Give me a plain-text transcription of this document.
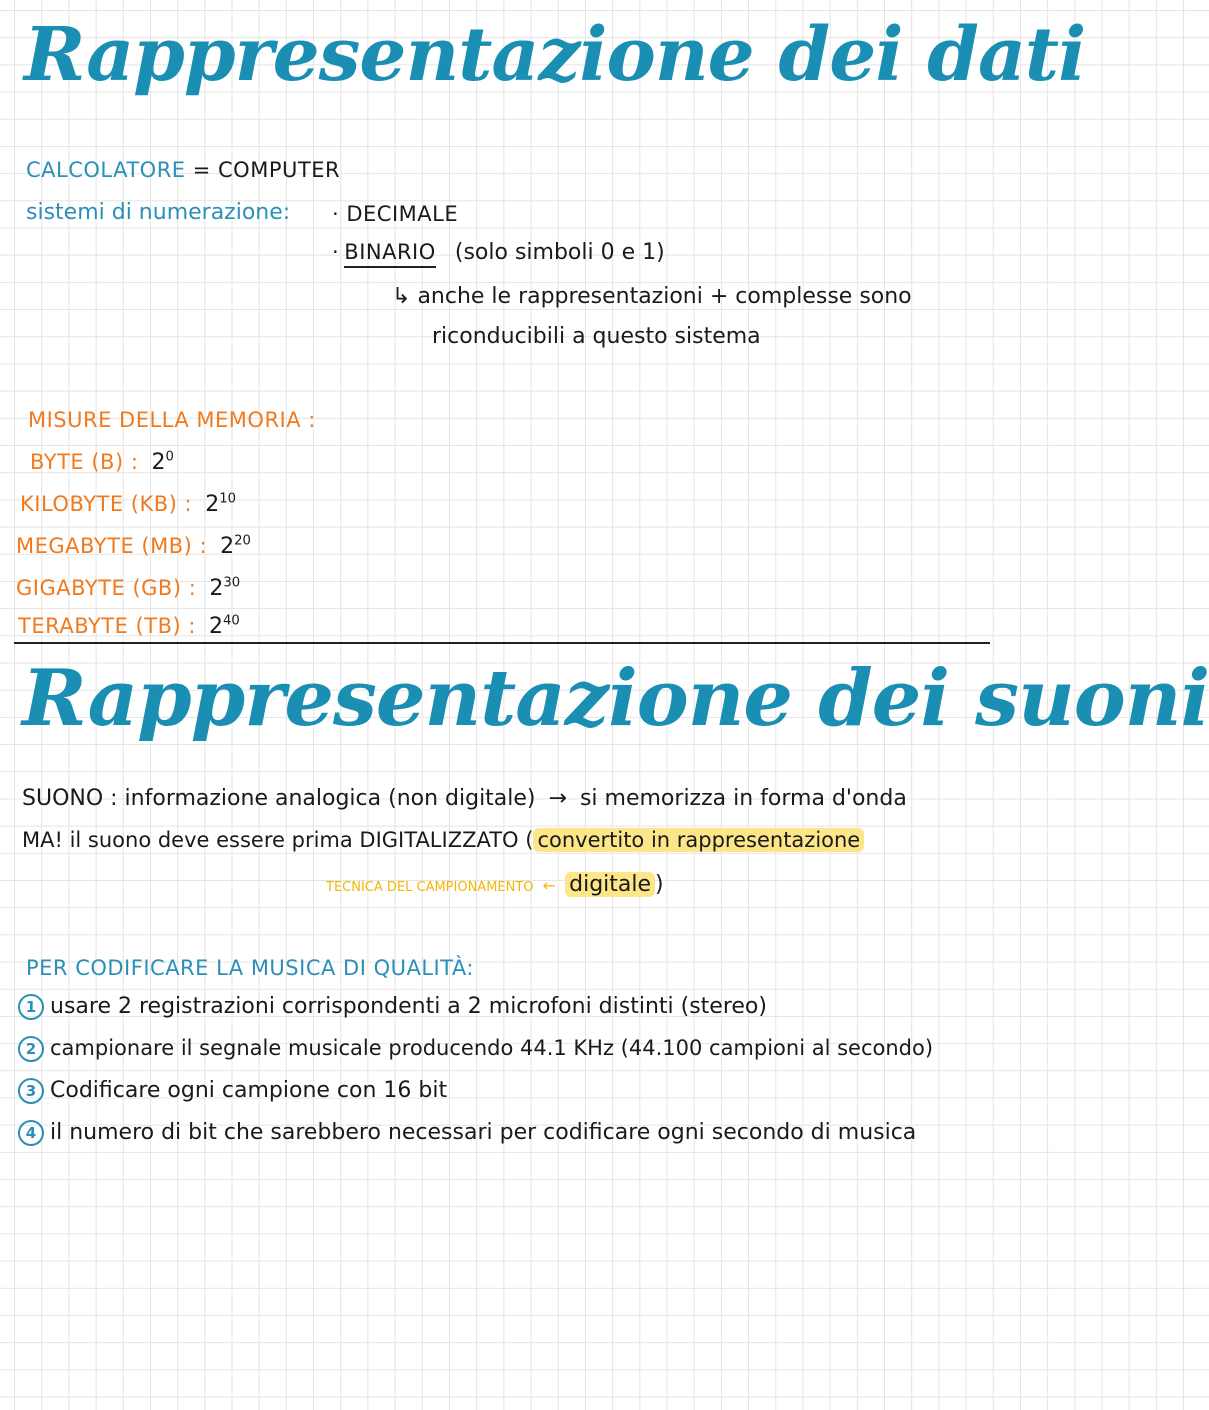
Rappresentazione dei dati
CALCOLATORE = COMPUTER
sistemi di numerazione: · DECIMALE
· BINARIO (solo simboli 0 e 1)
↳ anche le rappresentazioni + complesse sono
riconducibili a questo sistema
MISURE DELLA MEMORIA :
BYTE (B) : $2^0$
KILOBYTE (KB) : $2^{10}$
MEGABYTE (MB) : $2^{20}$
GIGABYTE (GB) : $2^{30}$
TERABYTE (TB) : $2^{40}$
Rappresentazione dei suoni
SUONO : informazione analogica (non digitale) → si memorizza in forma d'onda
MA! il suono deve essere prima DIGITALIZZATO ( convertito in rappresentazione
TECNICA DEL CAMPIONAMENTO ← digitale )
PER CODIFICARE LA MUSICA DI QUALITÀ:
1 usare 2 registrazioni corrispondenti a 2 microfoni distinti (stereo)
2 campionare il segnale musicale producendo 44.1 KHz (44.100 campioni al secondo)
3 Codificare ogni campione con 16 bit
4 il numero di bit che sarebbero necessari per codificare ogni secondo di musica
